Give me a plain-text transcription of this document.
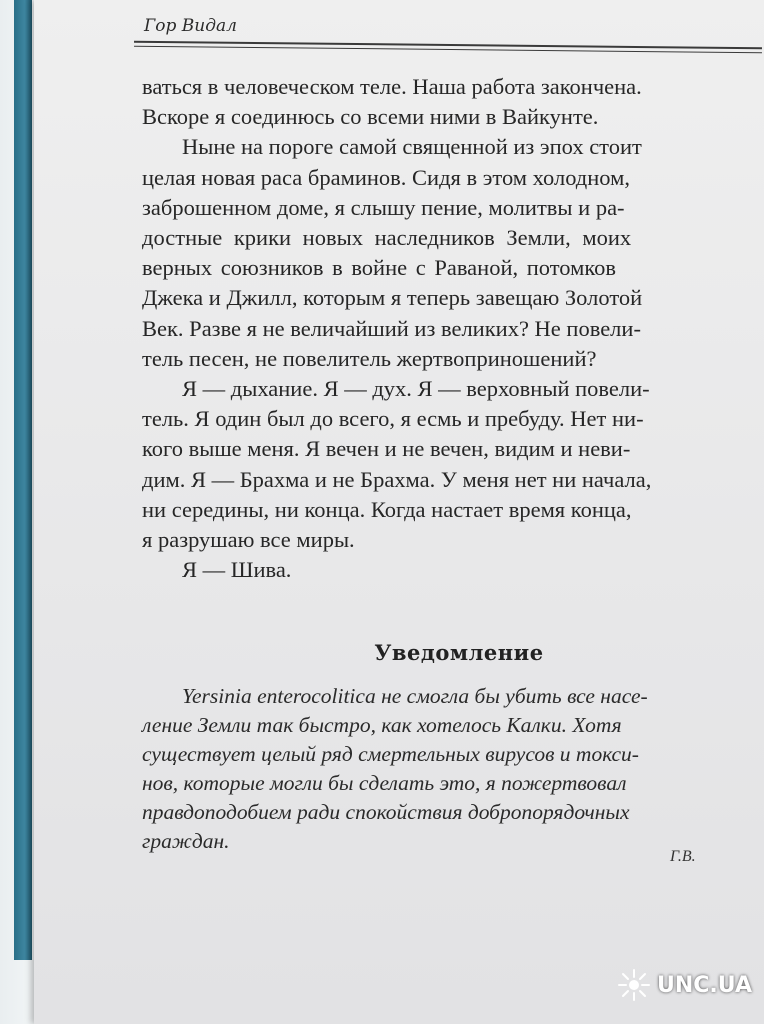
Гор Видал

ваться в человеческом теле. Наша работа закончена.
Вскоре я соединюсь со всеми ними в Вайкунте.

Ныне на пороге самой священной из эпох стоит
целая новая раса браминов. Сидя в этом холодном,
заброшенном доме, я слышу пение, молитвы и ра-
достные крики новых наследников Земли, моих
верных союзников в войне с Раваной, потомков
Джека и Джилл, которым я теперь завещаю Золотой
Век. Разве я не величайший из великих? Не повели-
тель песен, не повелитель жертвоприношений?

Я — дыхание. Я — дух. Я — верховный повели-
тель. Я один был до всего, я есмь и пребуду. Нет ни-
кого выше меня. Я вечен и не вечен, видим и неви-
дим. Я — Брахма и не Брахма. У меня нет ни начала,
ни середины, ни конца. Когда настает время конца,
я разрушаю все миры.

Я — Шива.

Уведомление
Yersinia enterocolitica не смогла бы убить все насе-
ление Земли так быстро, как хотелось Калки. Хотя
существует целый ряд смертельных вирусов и токси-
нов, которые могли бы сделать это, я пожертвовал
правдоподобием ради спокойствия добропорядочных
граждан.
Г.В.
UNC.UA
